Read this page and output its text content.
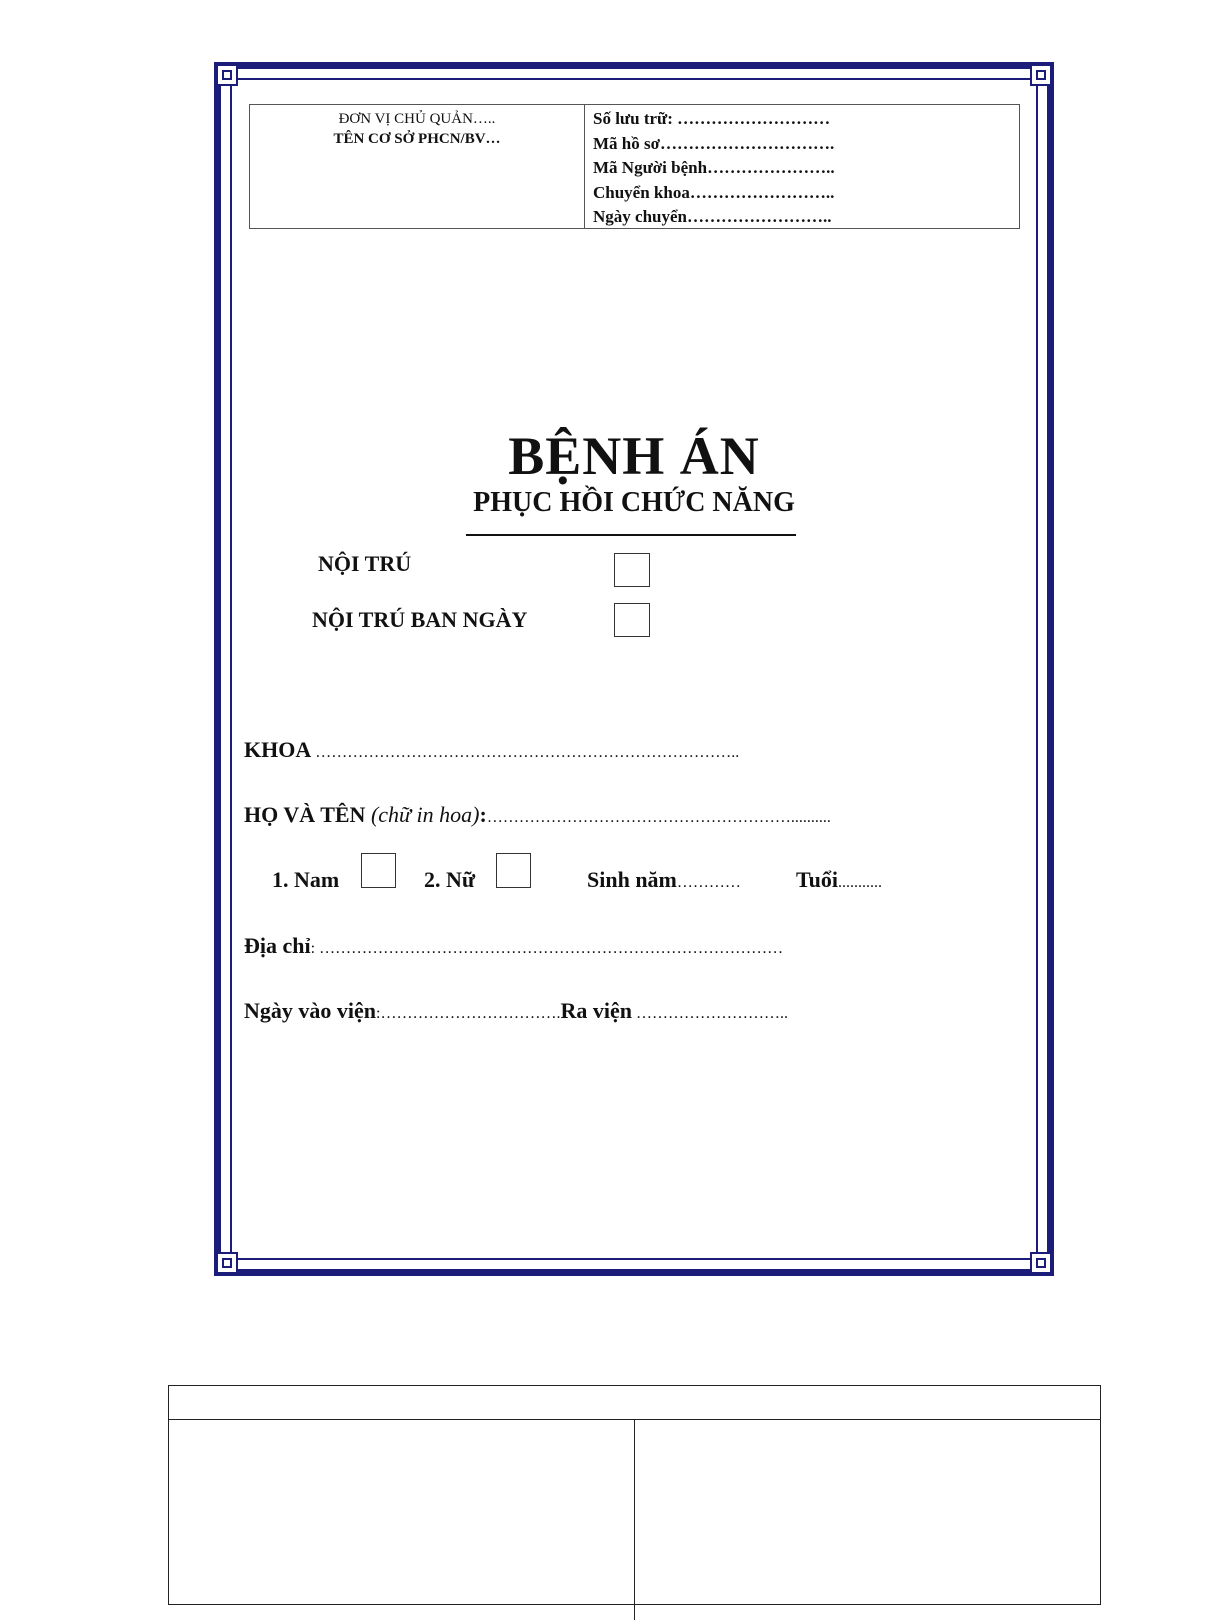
ĐƠN VỊ CHỦ QUẢN…..
TÊN CƠ SỞ PHCN/BV…
Số lưu trữ: ………………………
Mã hồ sơ………………………….
Mã Người bệnh…………………..
Chuyển khoa……………………..
Ngày chuyển……………………..
BỆNH ÁN
PHỤC HỒI CHỨC NĂNG
NỘI TRÚ
NỘI TRÚ BAN NGÀY
KHOA ……………………………………………………………………..
HỌ VÀ TÊN (chữ in hoa):…………………………………………………..........
1. Nam	2. Nữ	Sinh năm…………	Tuổi...........
Địa chỉ: ……………………………………………………………………………
Ngày vào viện:…………………………….Ra viện ………………………..
